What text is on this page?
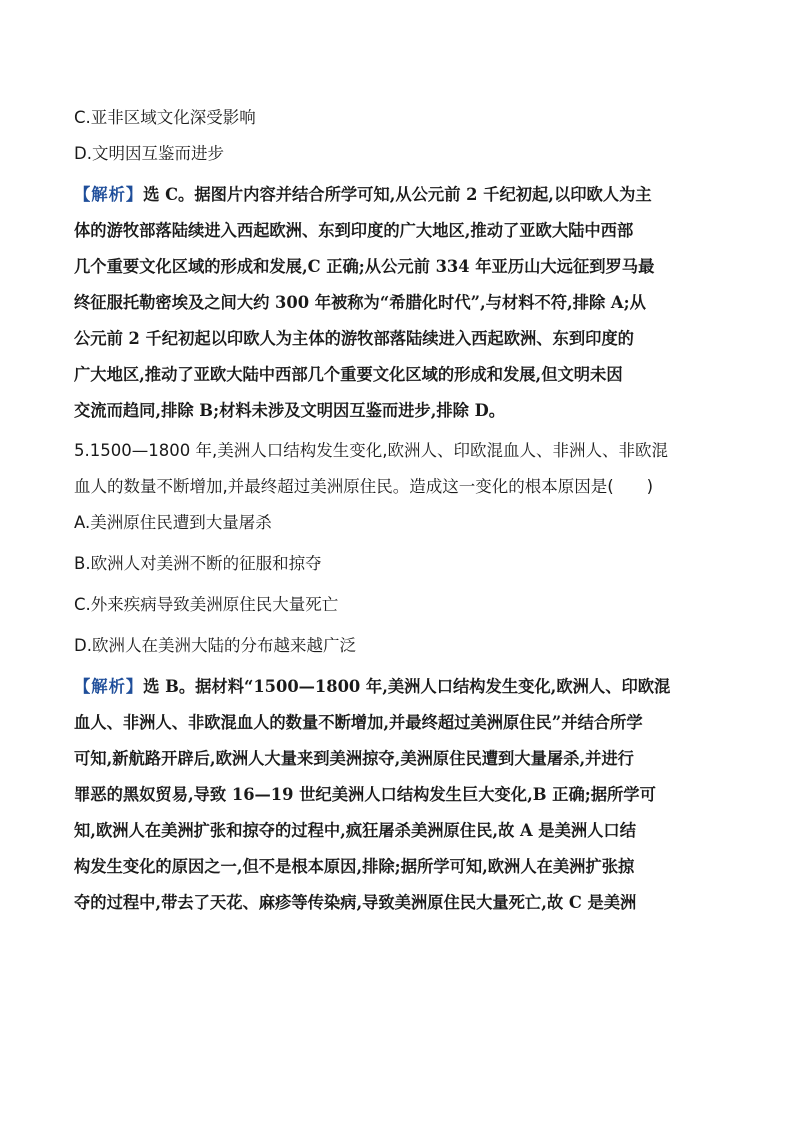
C.亚非区域文化深受影响
D.文明因互鉴而进步
【解析】选 C。据图片内容并结合所学可知,从公元前 2 千纪初起,以印欧人为主
体的游牧部落陆续进入西起欧洲、东到印度的广大地区,推动了亚欧大陆中西部
几个重要文化区域的形成和发展,C 正确;从公元前 334 年亚历山大远征到罗马最
终征服托勒密埃及之间大约 300 年被称为“希腊化时代”,与材料不符,排除 A;从
公元前 2 千纪初起以印欧人为主体的游牧部落陆续进入西起欧洲、东到印度的
广大地区,推动了亚欧大陆中西部几个重要文化区域的形成和发展,但文明未因
交流而趋同,排除 B;材料未涉及文明因互鉴而进步,排除 D。
5.1500—1800 年,美洲人口结构发生变化,欧洲人、印欧混血人、非洲人、非欧混
血人的数量不断增加,并最终超过美洲原住民。造成这一变化的根本原因是(　　)
A.美洲原住民遭到大量屠杀
B.欧洲人对美洲不断的征服和掠夺
C.外来疾病导致美洲原住民大量死亡
D.欧洲人在美洲大陆的分布越来越广泛
【解析】选 B。据材料“1500—1800 年,美洲人口结构发生变化,欧洲人、印欧混
血人、非洲人、非欧混血人的数量不断增加,并最终超过美洲原住民”并结合所学
可知,新航路开辟后,欧洲人大量来到美洲掠夺,美洲原住民遭到大量屠杀,并进行
罪恶的黑奴贸易,导致 16—19 世纪美洲人口结构发生巨大变化,B 正确;据所学可
知,欧洲人在美洲扩张和掠夺的过程中,疯狂屠杀美洲原住民,故 A 是美洲人口结
构发生变化的原因之一,但不是根本原因,排除;据所学可知,欧洲人在美洲扩张掠
夺的过程中,带去了天花、麻疹等传染病,导致美洲原住民大量死亡,故 C 是美洲
